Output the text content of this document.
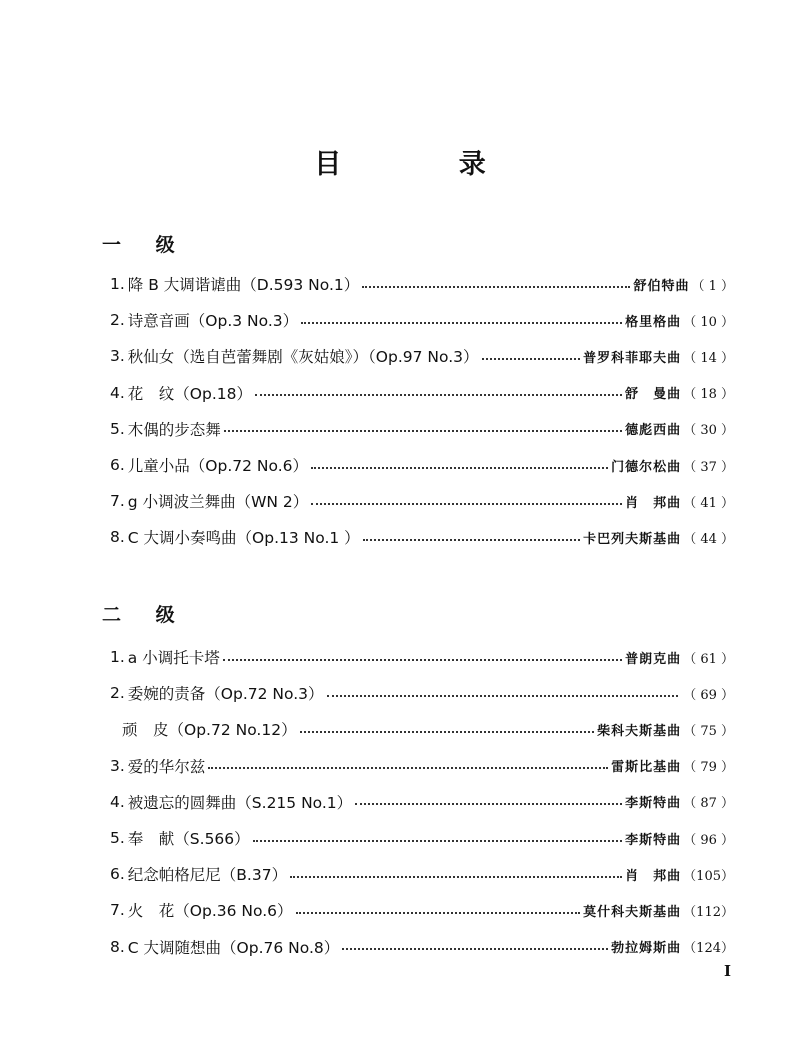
目 录
一 级
1. 降 B 大调谐谑曲（D.593 No.1）	舒伯特曲 （ 1 ）
2. 诗意音画（Op.3 No.3）	格里格曲 （ 10 ）
3. 秋仙女（选自芭蕾舞剧《灰姑娘》）（Op.97 No.3）	普罗科菲耶夫曲 （ 14 ）
4. 花　纹（Op.18）	舒　曼曲 （ 18 ）
5. 木偶的步态舞	德彪西曲 （ 30 ）
6. 儿童小品（Op.72 No.6）	门德尔松曲 （ 37 ）
7. g 小调波兰舞曲（WN 2）	肖　邦曲 （ 41 ）
8. C 大调小奏鸣曲（Op.13 No.1 ）	卡巴列夫斯基曲 （ 44 ）
二 级
1. a 小调托卡塔	普朗克曲 （ 61 ）
2. 委婉的责备（Op.72 No.3）	（ 69 ）
顽　皮（Op.72 No.12）	柴科夫斯基曲 （ 75 ）
3. 爱的华尔兹	雷斯比基曲 （ 79 ）
4. 被遗忘的圆舞曲（S.215 No.1）	李斯特曲 （ 87 ）
5. 奉　献（S.566）	李斯特曲 （ 96 ）
6. 纪念帕格尼尼（B.37）	肖　邦曲 （105）
7. 火　花（Op.36 No.6）	莫什科夫斯基曲 （112）
8. C 大调随想曲（Op.76 No.8）	勃拉姆斯曲 （124）
I
